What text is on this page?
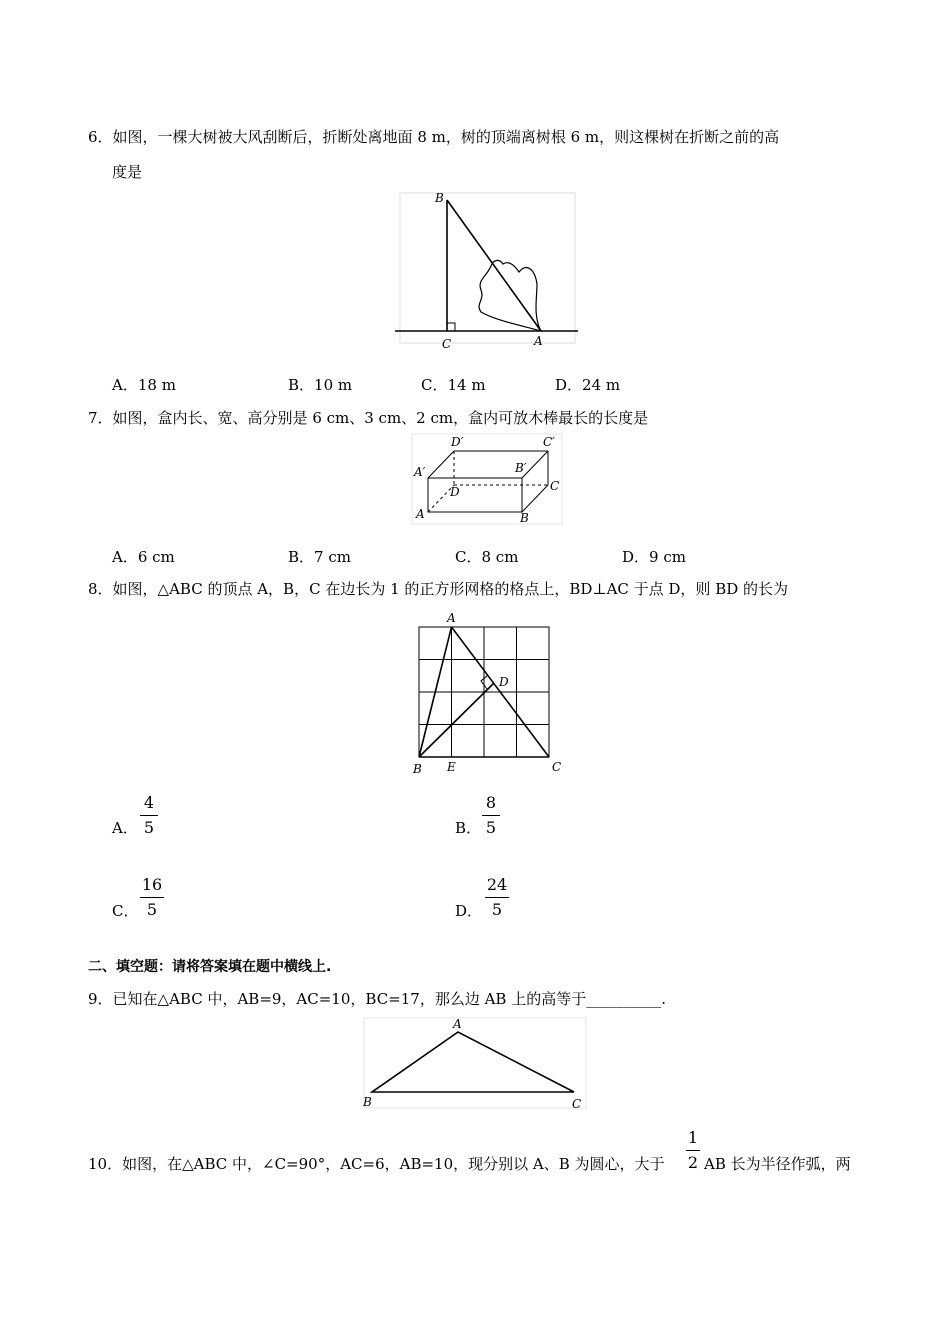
6．如图，一棵大树被大风刮断后，折断处离地面 8 m，树的顶端离树根 6 m，则这棵树在折断之前的高
度是
B
C	A
A．18 m	B．10 m	C．14 m	D．24 m
7．如图，盒内长、宽、高分别是 6 cm、3 cm、2 cm，盒内可放木棒最长的长度是
D′	C′
A′	B′
D	C
A	B
A．6 cm	B．7 cm	C．8 cm	D．9 cm
8．如图，△ABC 的顶点 A，B，C 在边长为 1 的正方形网格的格点上，BD⊥AC 于点 D，则 BD 的长为
A
D
B E	C
A．
4
5	B．
8
5
C．
16
5	D．
24
5
二、填空题：请将答案填在题中横线上.
9．已知在△ABC 中，AB=9，AC=10，BC=17，那么边 AB 上的高等于__________.
A
B	C
10．如图，在△ABC 中，∠C=90°，AC=6，AB=10，现分别以 A、B 为圆心，大于
1
2 AB 长为半径作弧，两
